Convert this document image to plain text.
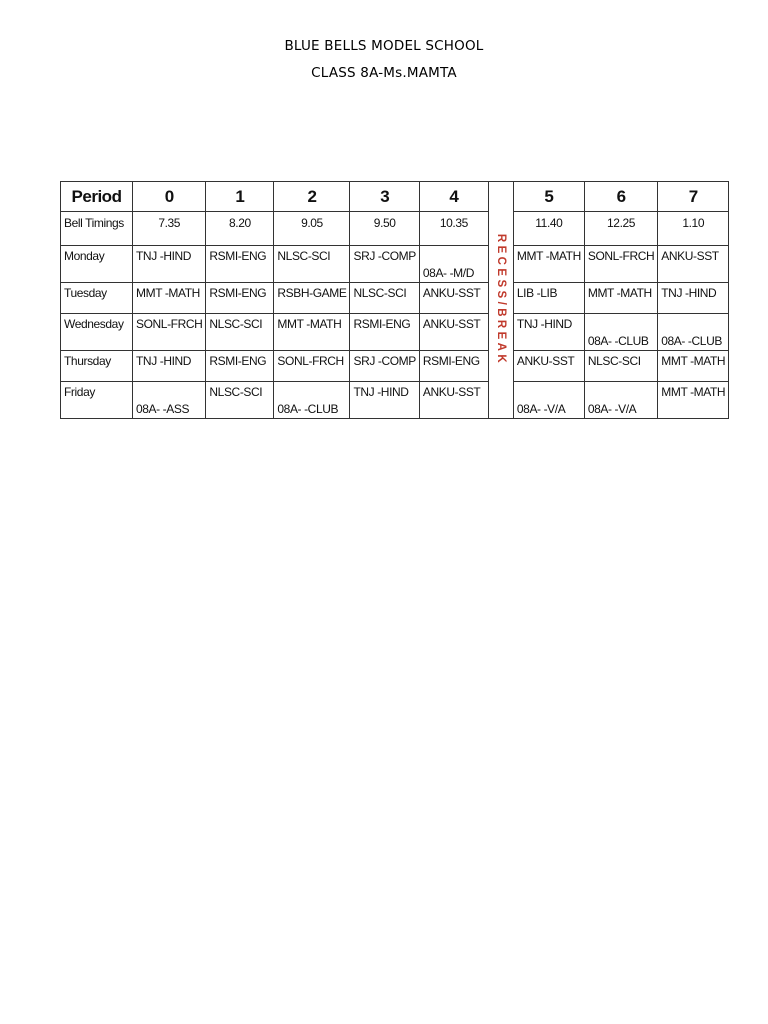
BLUE BELLS MODEL SCHOOL
CLASS 8A-Ms.MAMTA
Period	0	1	2	3	4	RECESS/BREAK	5	6	7
Bell Timings	7.35	8.20	9.05	9.50	10.35		11.40	12.25	1.10
Monday	TNJ -HIND	RSMI-ENG	NLSC-SCI	SRJ -COMP	08A- -M/D		MMT -MATH	SONL-FRCH	ANKU-SST
Tuesday	MMT -MATH	RSMI-ENG	RSBH-GAME	NLSC-SCI	ANKU-SST		LIB -LIB	MMT -MATH	TNJ -HIND
Wednesday	SONL-FRCH	NLSC-SCI	MMT -MATH	RSMI-ENG	ANKU-SST		TNJ -HIND	08A- -CLUB	08A- -CLUB
Thursday	TNJ -HIND	RSMI-ENG	SONL-FRCH	SRJ -COMP	RSMI-ENG		ANKU-SST	NLSC-SCI	MMT -MATH
Friday	08A- -ASS	NLSC-SCI	08A- -CLUB	TNJ -HIND	ANKU-SST		08A- -V/A	08A- -V/A	MMT -MATH
